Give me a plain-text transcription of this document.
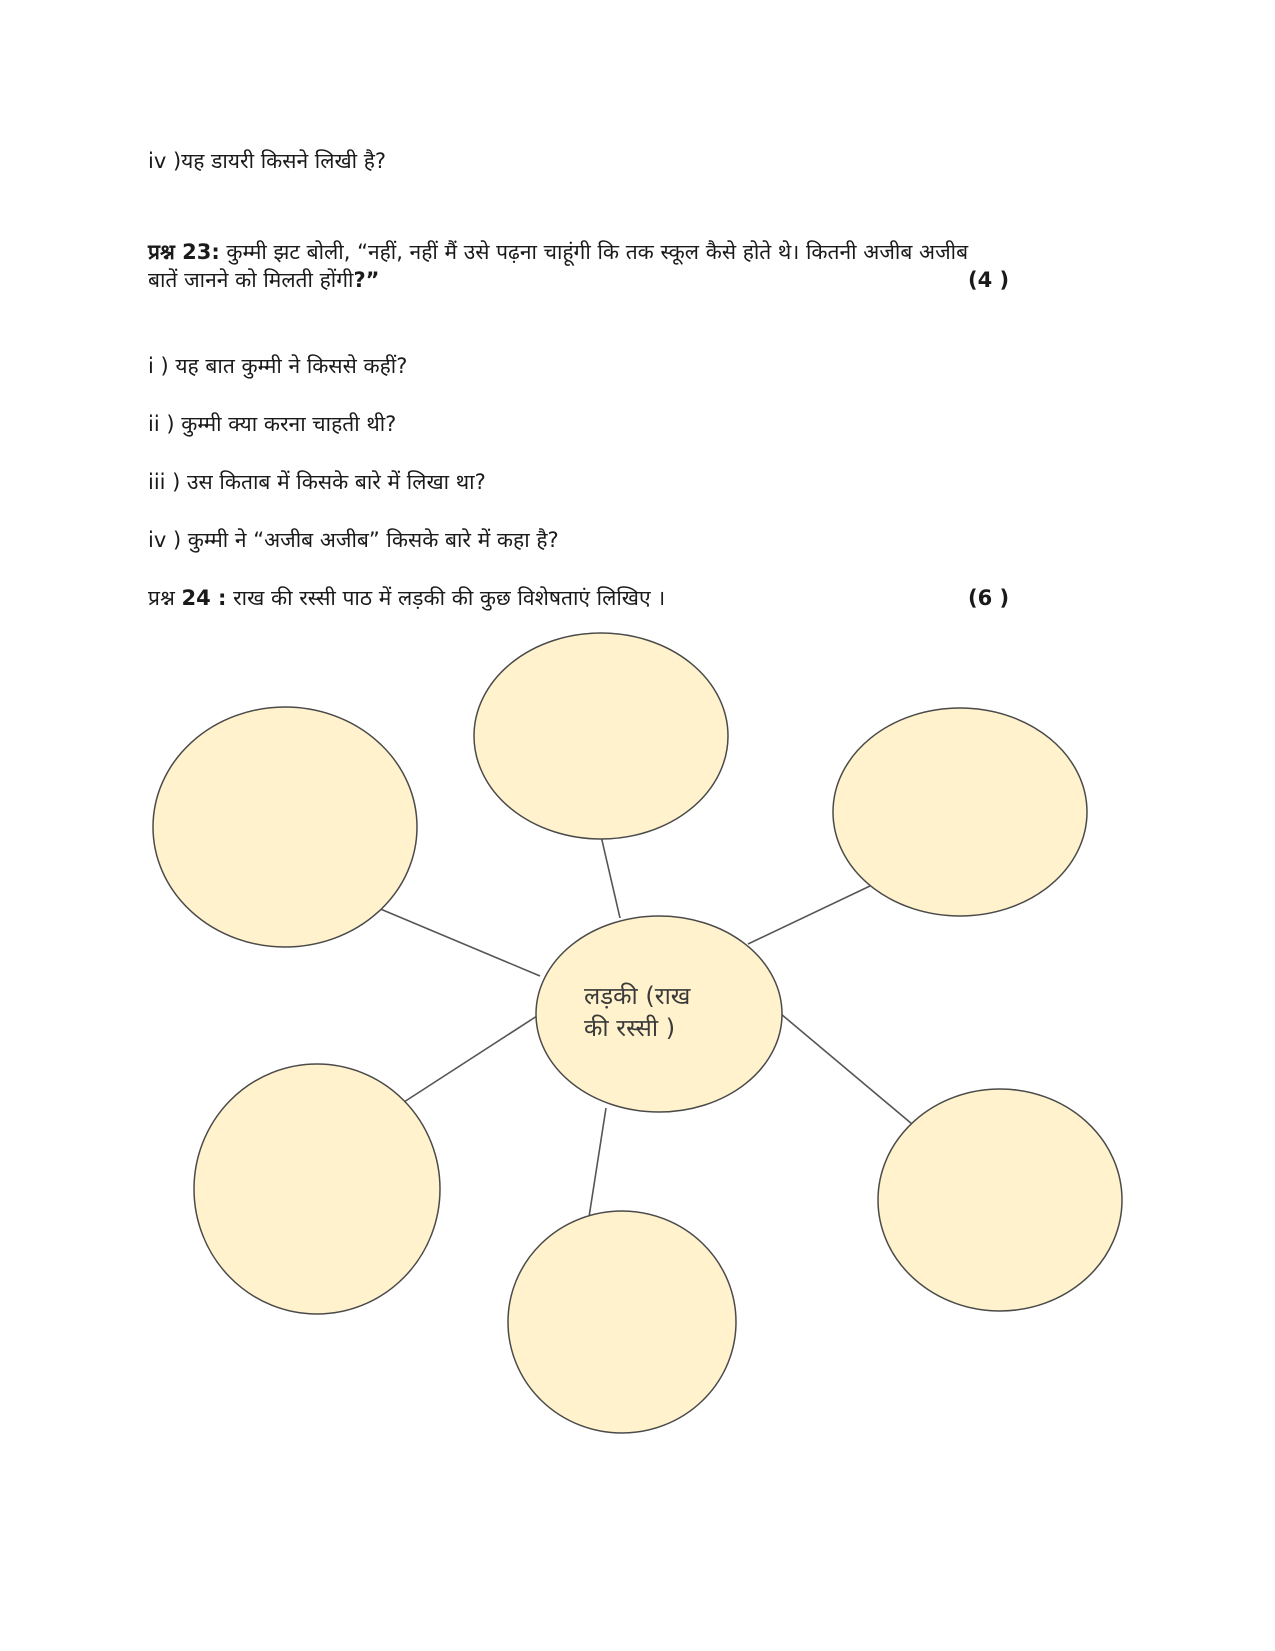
iv )यह डायरी किसने लिखी है?
प्रश्न 23: कुम्मी झट बोली, “नहीं, नहीं मैं उसे पढ़ना चाहूंगी कि तक स्कूल कैसे होते थे। कितनी अजीब अजीब
बातें जानने को मिलती होंगी?”	(4 )
i ) यह बात कुम्मी ने किससे कहीं?
ii ) कुम्मी क्या करना चाहती थी?
iii ) उस किताब में किसके बारे में लिखा था?
iv ) कुम्मी ने “अजीब अजीब” किसके बारे में कहा है?
प्रश्न 24 : राख की रस्सी पाठ में लड़की की कुछ विशेषताएं लिखिए ।	(6 )
लड़की (राख
की रस्सी )
